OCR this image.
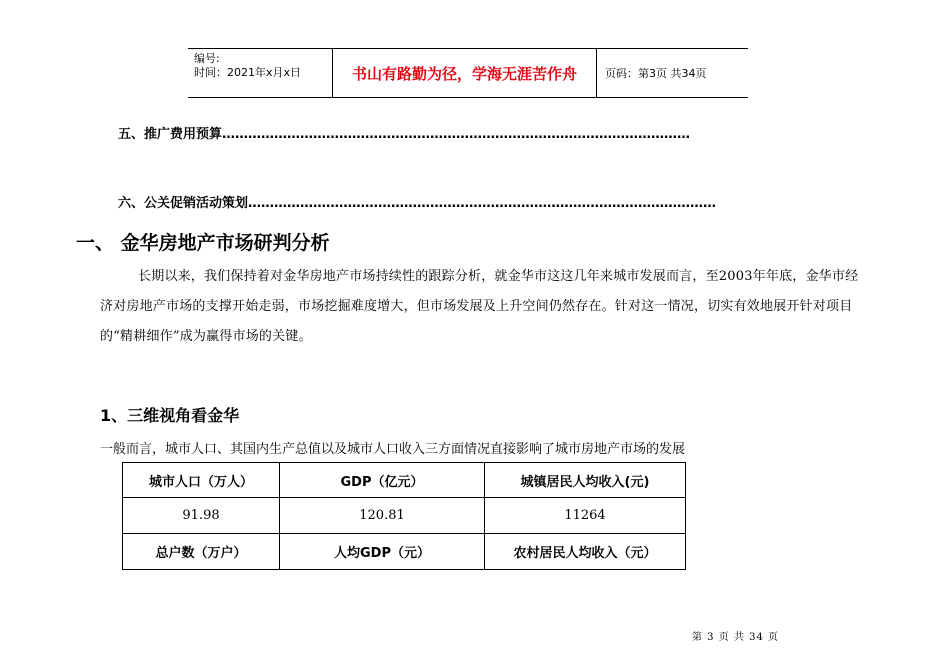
编号:
时间：2021年x月x日	书山有路勤为径，学海无涯苦作舟	页码：第3页 共34页
五、推广费用预算………………………………………………………………………………………………
六、公关促销活动策划………………………………………………………………………………………………
一、 金华房地产市场研判分析
长期以来，我们保持着对金华房地产市场持续性的跟踪分析，就金华市这这几年来城市发展而言，至2003年年底，金华市经济对房地产市场的支撑开始走弱，市场挖掘难度增大，但市场发展及上升空间仍然存在。针对这一情况，切实有效地展开针对项目的“精耕细作”成为赢得市场的关键。
1、三维视角看金华
一般而言，城市人口、其国内生产总值以及城市人口收入三方面情况直接影响了城市房地产市场的发展
城市人口（万人）	GDP（亿元）	城镇居民人均收入(元)
91.98	120.81	11264
总户数（万户）	人均GDP（元）	农村居民人均收入（元）
第 3 页 共 34 页
